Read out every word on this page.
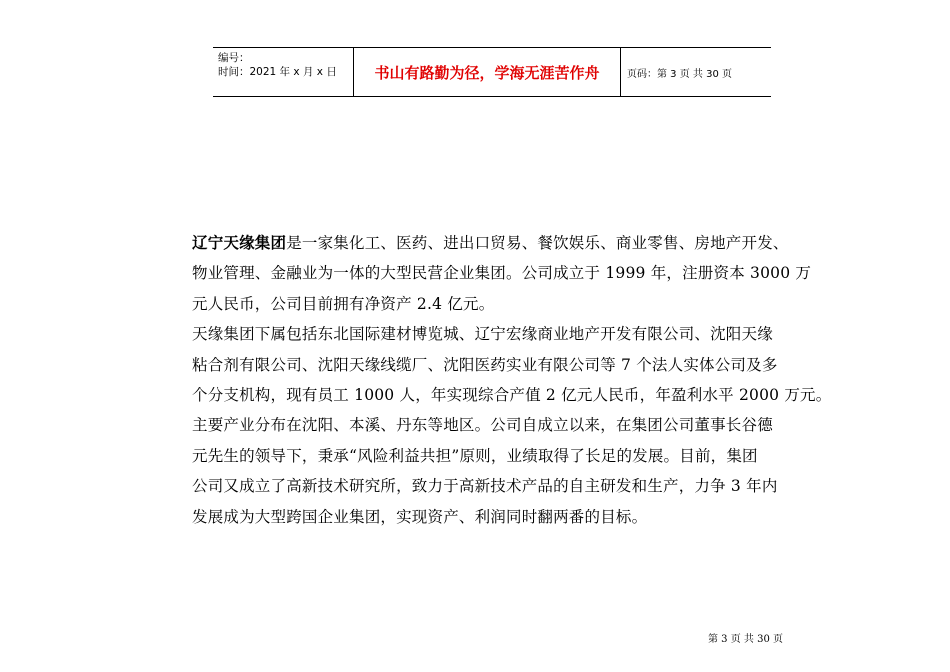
编号：
时间：2021 年 x 月 x 日	书山有路勤为径，学海无涯苦作舟	页码：第 3 页 共 30 页
辽宁天缘集团是一家集化工、医药、进出口贸易、餐饮娱乐、商业零售、房地产开发、
物业管理、金融业为一体的大型民营企业集团。公司成立于 1999 年，注册资本 3000 万
元人民币，公司目前拥有净资产 2.4 亿元。
天缘集团下属包括东北国际建材博览城、辽宁宏缘商业地产开发有限公司、沈阳天缘
粘合剂有限公司、沈阳天缘线缆厂、沈阳医药实业有限公司等 7 个法人实体公司及多
个分支机构，现有员工 1000 人，年实现综合产值 2 亿元人民币，年盈利水平 2000 万元。
主要产业分布在沈阳、本溪、丹东等地区。公司自成立以来，在集团公司董事长谷德
元先生的领导下，秉承“风险利益共担”原则，业绩取得了长足的发展。目前，集团
公司又成立了高新技术研究所，致力于高新技术产品的自主研发和生产，力争 3 年内
发展成为大型跨国企业集团，实现资产、利润同时翻两番的目标。
第 3 页 共 30 页
